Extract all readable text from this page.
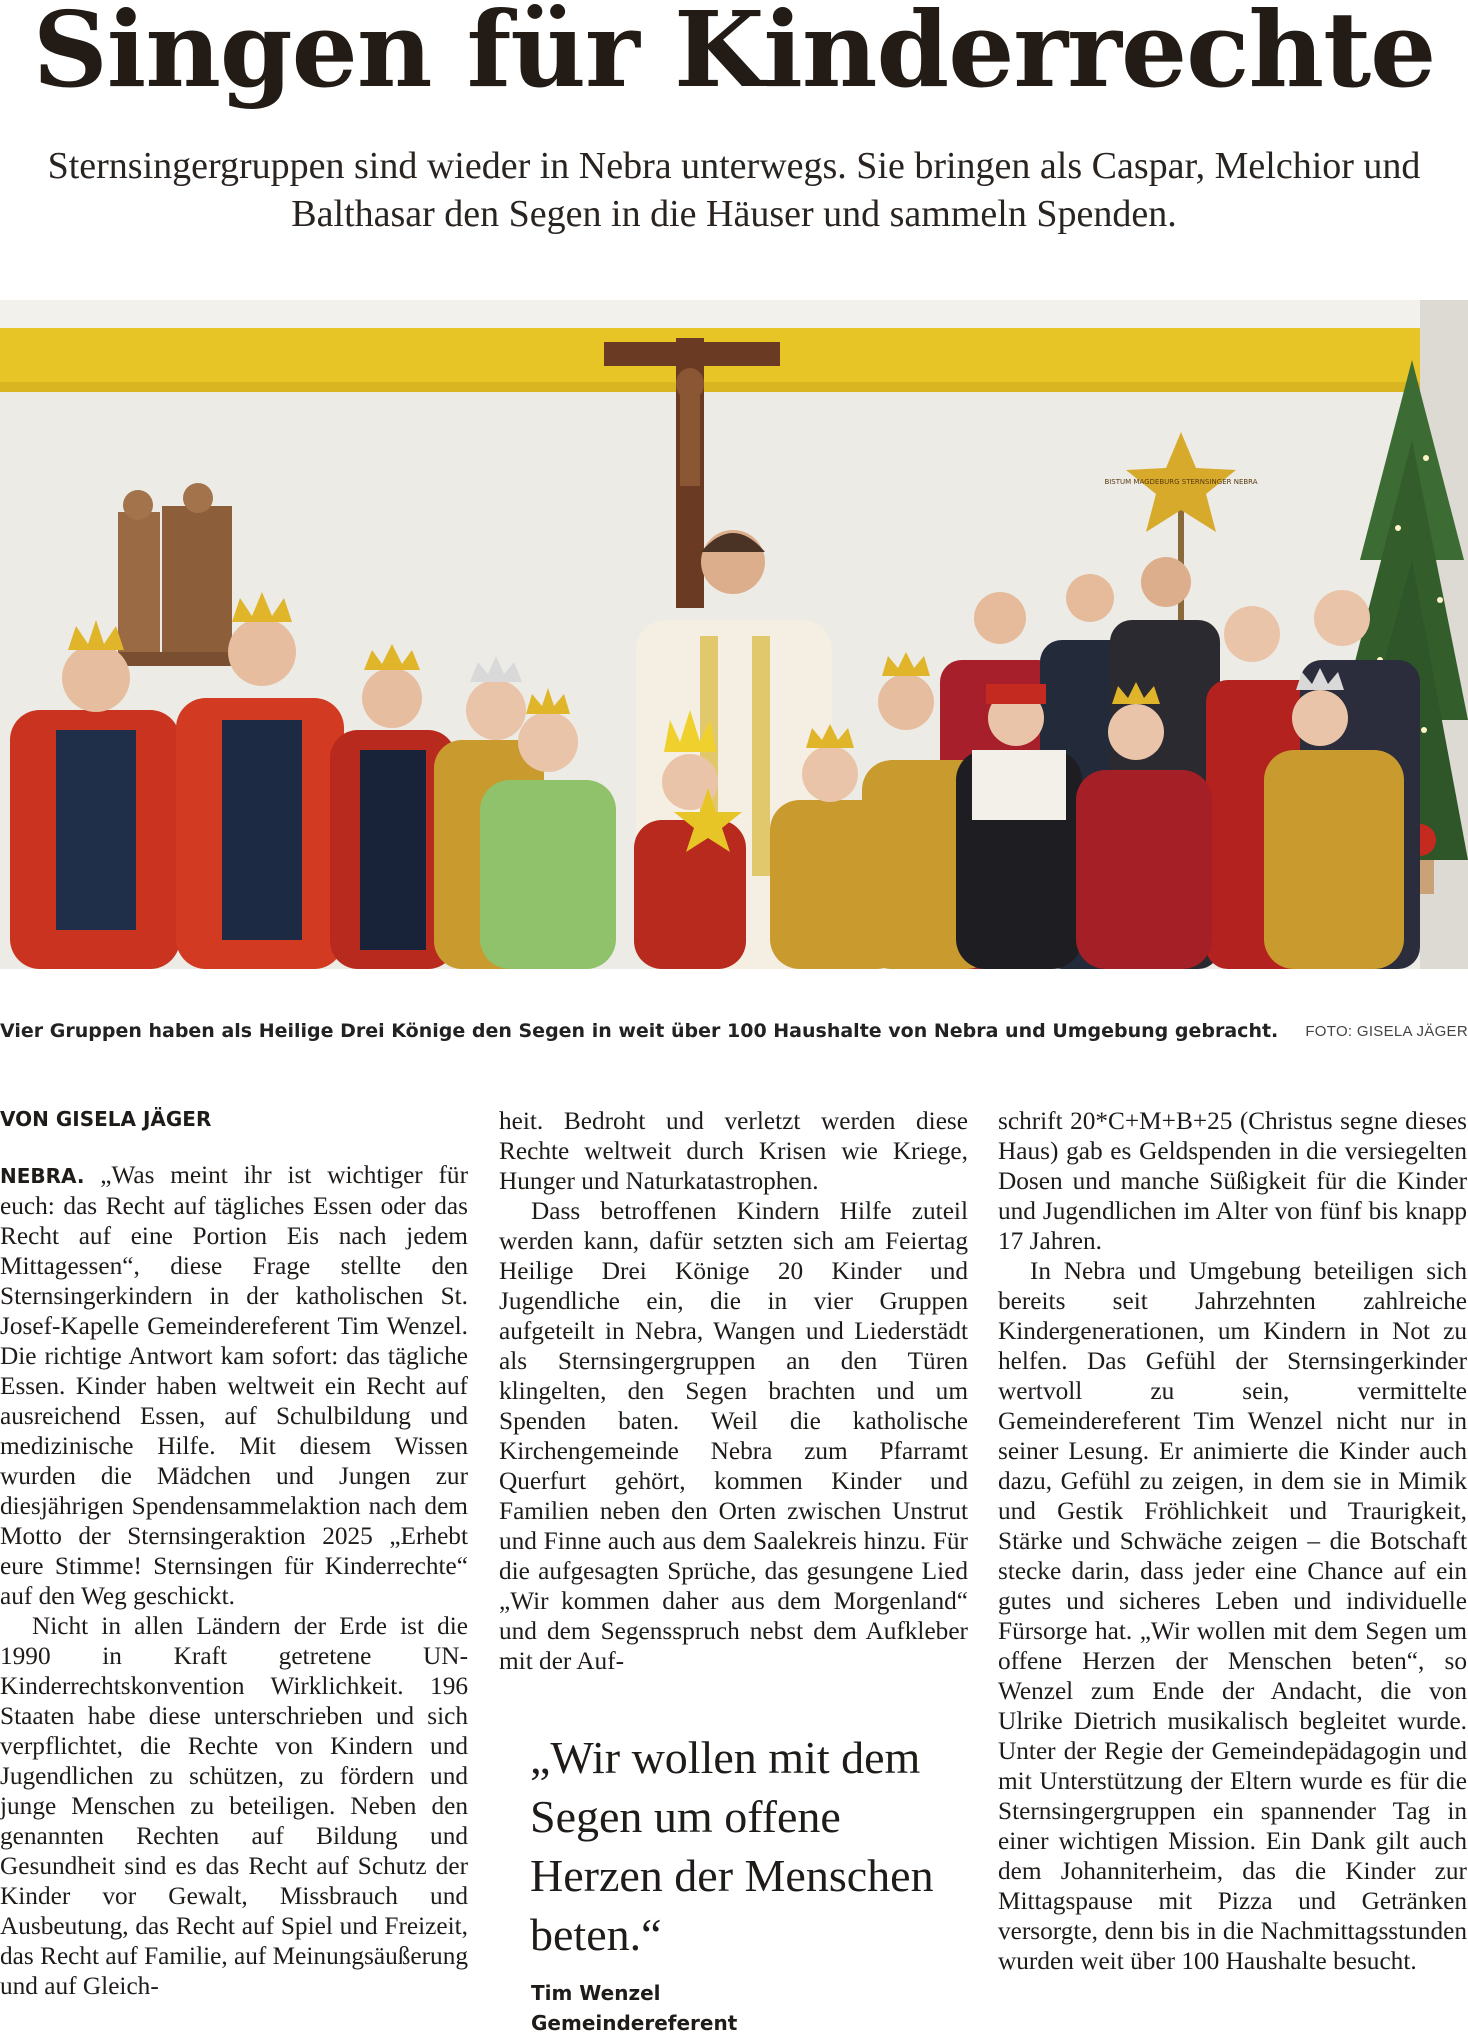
Singen für Kinderrechte

Sternsingergruppen sind wieder in Nebra unterwegs. Sie bringen als Caspar, Melchior und Balthasar den Segen in die Häuser und sammeln Spenden.

BISTUM MAGDEBURG STERNSINGER NEBRA
Vier Gruppen haben als Heilige Drei Könige den Segen in weit über 100 Haushalte von Nebra und Umgebung gebracht. FOTO: GISELA JÄGER
VON GISELA JÄGER

NEBRA. „Was meint ihr ist wichtiger für euch: das Recht auf tägliches Essen oder das Recht auf eine Portion Eis nach jedem Mittagessen“, diese Frage stellte den Sternsingerkindern in der katholischen St. Josef-Kapelle Gemeindereferent Tim Wenzel. Die richtige Antwort kam sofort: das tägliche Essen. Kinder haben weltweit ein Recht auf ausreichend Essen, auf Schulbildung und medizinische Hilfe. Mit diesem Wissen wurden die Mädchen und Jungen zur diesjährigen Spendensammelaktion nach dem Motto der Sternsingeraktion 2025 „Erhebt eure Stimme! Sternsingen für Kinderrechte“ auf den Weg geschickt.

Nicht in allen Ländern der Erde ist die 1990 in Kraft getretene UN-Kinderrechtskonvention Wirklichkeit. 196 Staaten habe diese unterschrieben und sich verpflichtet, die Rechte von Kindern und Jugendlichen zu schützen, zu fördern und junge Menschen zu beteiligen. Neben den genannten Rechten auf Bildung und Gesundheit sind es das Recht auf Schutz der Kinder vor Gewalt, Missbrauch und Ausbeutung, das Recht auf Spiel und Freizeit, das Recht auf Familie, auf Meinungsäußerung und auf Gleich-

heit. Bedroht und verletzt werden diese Rechte weltweit durch Krisen wie Kriege, Hunger und Naturkatastrophen.

Dass betroffenen Kindern Hilfe zuteil werden kann, dafür setzten sich am Feiertag Heilige Drei Könige 20 Kinder und Jugendliche ein, die in vier Gruppen aufgeteilt in Nebra, Wangen und Liederstädt als Sternsingergruppen an den Türen klingelten, den Segen brachten und um Spenden baten. Weil die katholische Kirchengemeinde Nebra zum Pfarramt Querfurt gehört, kommen Kinder und Familien neben den Orten zwischen Unstrut und Finne auch aus dem Saalekreis hinzu. Für die aufgesagten Sprüche, das gesungene Lied „Wir kommen daher aus dem Morgenland“ und dem Segensspruch nebst dem Aufkleber mit der Auf-

„Wir wollen mit dem Segen um offene Herzen der Menschen beten.“
Tim Wenzel
Gemeindereferent

schrift 20*C+M+B+25 (Christus segne dieses Haus) gab es Geldspenden in die versiegelten Dosen und manche Süßigkeit für die Kinder und Jugendlichen im Alter von fünf bis knapp 17 Jahren.

In Nebra und Umgebung beteiligen sich bereits seit Jahrzehnten zahlreiche Kindergenerationen, um Kindern in Not zu helfen. Das Gefühl der Sternsingerkinder wertvoll zu sein, vermittelte Gemeindereferent Tim Wenzel nicht nur in seiner Lesung. Er animierte die Kinder auch dazu, Gefühl zu zeigen, in dem sie in Mimik und Gestik Fröhlichkeit und Traurigkeit, Stärke und Schwäche zeigen – die Botschaft stecke darin, dass jeder eine Chance auf ein gutes und sicheres Leben und individuelle Fürsorge hat. „Wir wollen mit dem Segen um offene Herzen der Menschen beten“, so Wenzel zum Ende der Andacht, die von Ulrike Dietrich musikalisch begleitet wurde. Unter der Regie der Gemeindepädagogin und mit Unterstützung der Eltern wurde es für die Sternsingergruppen ein spannender Tag in einer wichtigen Mission. Ein Dank gilt auch dem Johanniterheim, das die Kinder zur Mittagspause mit Pizza und Getränken versorgte, denn bis in die Nachmittagsstunden wurden weit über 100 Haushalte besucht.
